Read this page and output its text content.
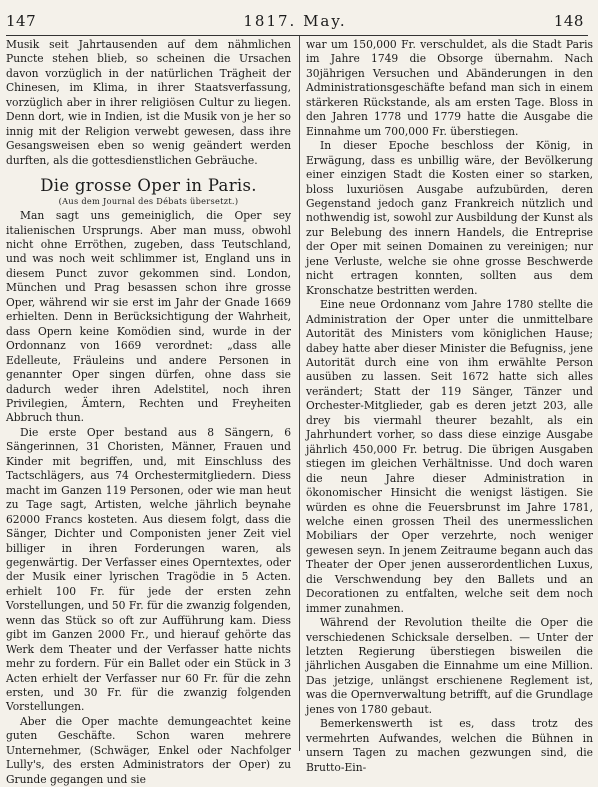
147	1817. May.	148

Musik seit Jahrtausenden auf dem nähmlichen Puncte stehen blieb, so scheinen die Ursachen davon vorzüglich in der natürlichen Trägheit der Chinesen, im Klima, in ihrer Staatsverfassung, vorzüglich aber in ihrer religiösen Cultur zu liegen. Denn dort, wie in Indien, ist die Musik von je her so innig mit der Religion verwebt gewesen, dass ihre Gesangsweisen eben so wenig geändert werden durften, als die gottesdienstlichen Gebräuche.

Die grosse Oper in Paris.
(Aus dem Journal des Débats übersetzt.)

Man sagt uns gemeiniglich, die Oper sey italienischen Ursprungs. Aber man muss, obwohl nicht ohne Erröthen, zugeben, dass Teutschland, und was noch weit schlimmer ist, England uns in diesem Punct zuvor gekommen sind. London, München und Prag besassen schon ihre grosse Oper, während wir sie erst im Jahr der Gnade 1669 erhielten. Denn in Berücksichtigung der Wahrheit, dass Opern keine Komödien sind, wurde in der Ordonnanz von 1669 verordnet: „dass alle Edelleute, Fräuleins und andere Personen in genannter Oper singen dürfen, ohne dass sie dadurch weder ihren Adelstitel, noch ihren Privilegien, Ämtern, Rechten und Freyheiten Abbruch thun.

Die erste Oper bestand aus 8 Sängern, 6 Sängerinnen, 31 Choristen, Männer, Frauen und Kinder mit begriffen, und, mit Einschluss des Tactschlägers, aus 74 Orchestermitgliedern. Diess macht im Ganzen 119 Personen, oder wie man heut zu Tage sagt, Artisten, welche jährlich beynahe 62000 Francs kosteten. Aus diesem folgt, dass die Sänger, Dichter und Componisten jener Zeit viel billiger in ihren Forderungen waren, als gegenwärtig. Der Verfasser eines Operntextes, oder der Musik einer lyrischen Tragödie in 5 Acten. erhielt 100 Fr. für jede der ersten zehn Vorstellungen, und 50 Fr. für die zwanzig folgenden, wenn das Stück so oft zur Aufführung kam. Diess gibt im Ganzen 2000 Fr., und hierauf gehörte das Werk dem Theater und der Verfasser hatte nichts mehr zu fordern. Für ein Ballet oder ein Stück in 3 Acten erhielt der Verfasser nur 60 Fr. für die zehn ersten, und 30 Fr. für die zwanzig folgenden Vorstellungen.

Aber die Oper machte demungeachtet keine guten Geschäfte. Schon waren mehrere Unternehmer, (Schwäger, Enkel oder Nachfolger Lully's, des ersten Administrators der Oper) zu Grunde gegangen und sie

war um 150,000 Fr. verschuldet, als die Stadt Paris im Jahre 1749 die Obsorge übernahm. Nach 30jährigen Versuchen und Abänderungen in den Administrationsgeschäfte befand man sich in einem stärkeren Rückstande, als am ersten Tage. Bloss in den Jahren 1778 und 1779 hatte die Ausgabe die Einnahme um 700,000 Fr. überstiegen.

In dieser Epoche beschloss der König, in Erwägung, dass es unbillig wäre, der Bevölkerung einer einzigen Stadt die Kosten einer so starken, bloss luxuriösen Ausgabe aufzubürden, deren Gegenstand jedoch ganz Frankreich nützlich und nothwendig ist, sowohl zur Ausbildung der Kunst als zur Belebung des innern Handels, die Entreprise der Oper mit seinen Domainen zu vereinigen; nur jene Verluste, welche sie ohne grosse Beschwerde nicht ertragen konnten, sollten aus dem Kronschatze bestritten werden.

Eine neue Ordonnanz vom Jahre 1780 stellte die Administration der Oper unter die unmittelbare Autorität des Ministers vom königlichen Hause; dabey hatte aber dieser Minister die Befugniss, jene Autorität durch eine von ihm erwählte Person ausüben zu lassen. Seit 1672 hatte sich alles verändert; Statt der 119 Sänger, Tänzer und Orchester-Mitglieder, gab es deren jetzt 203, alle drey bis viermahl theurer bezahlt, als ein Jahrhundert vorher, so dass diese einzige Ausgabe jährlich 450,000 Fr. betrug. Die übrigen Ausgaben stiegen im gleichen Verhältnisse. Und doch waren die neun Jahre dieser Administration in ökonomischer Hinsicht die wenigst lästigen. Sie würden es ohne die Feuersbrunst im Jahre 1781, welche einen grossen Theil des unermesslichen Mobiliars der Oper verzehrte, noch weniger gewesen seyn. In jenem Zeitraume begann auch das Theater der Oper jenen ausserordentlichen Luxus, die Verschwendung bey den Ballets und an Decorationen zu entfalten, welche seit dem noch immer zunahmen.

Während der Revolution theilte die Oper die verschiedenen Schicksale derselben. — Unter der letzten Regierung überstiegen bisweilen die jährlichen Ausgaben die Einnahme um eine Million. Das jetzige, unlängst erschienene Reglement ist, was die Opernverwaltung betrifft, auf die Grundlage jenes von 1780 gebaut.

Bemerkenswerth ist es, dass trotz des vermehrten Aufwandes, welchen die Bühnen in unsern Tagen zu machen gezwungen sind, die Brutto-Ein-
